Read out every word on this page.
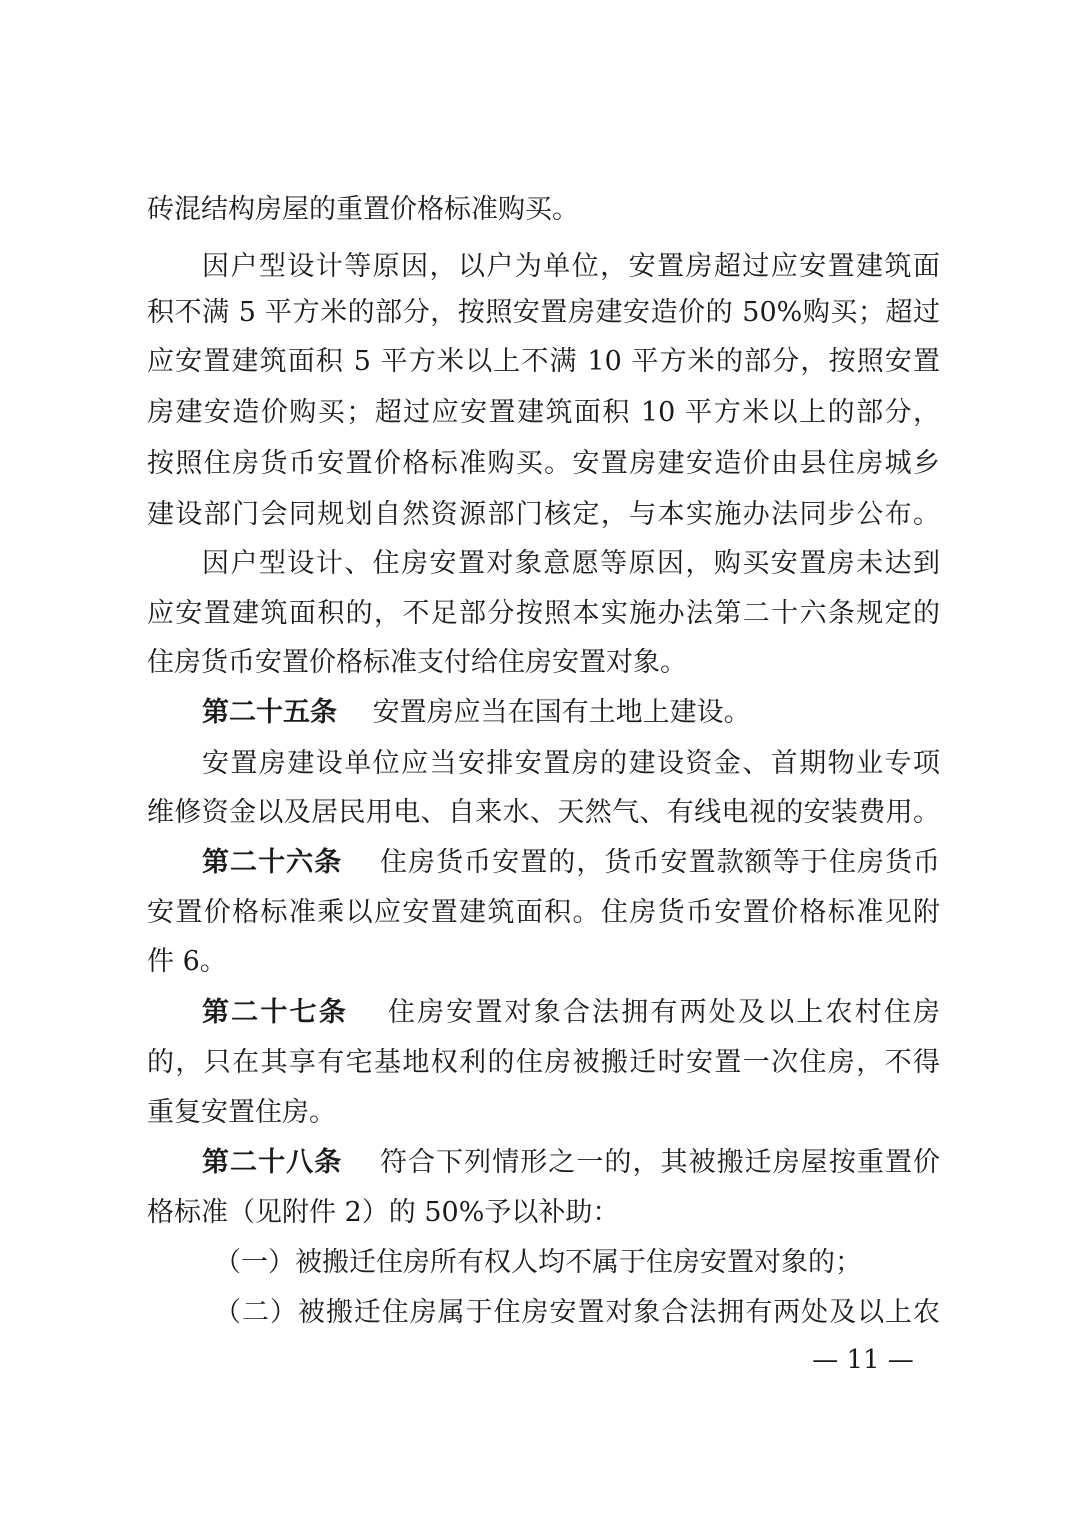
砖混结构房屋的重置价格标准购买。
因户型设计等原因，以户为单位，安置房超过应安置建筑面
积不满 5 平方米的部分，按照安置房建安造价的 50%购买；超过
应安置建筑面积 5 平方米以上不满 10 平方米的部分，按照安置
房建安造价购买；超过应安置建筑面积 10 平方米以上的部分，
按照住房货币安置价格标准购买。安置房建安造价由县住房城乡
建设部门会同规划自然资源部门核定，与本实施办法同步公布。
因户型设计、住房安置对象意愿等原因，购买安置房未达到
应安置建筑面积的，不足部分按照本实施办法第二十六条规定的
住房货币安置价格标准支付给住房安置对象。
第二十五条　 安置房应当在国有土地上建设。
安置房建设单位应当安排安置房的建设资金、首期物业专项
维修资金以及居民用电、自来水、天然气、有线电视的安装费用。
第二十六条　 住房货币安置的，货币安置款额等于住房货币
安置价格标准乘以应安置建筑面积。住房货币安置价格标准见附
件 6。
第二十七条　 住房安置对象合法拥有两处及以上农村住房
的，只在其享有宅基地权利的住房被搬迁时安置一次住房，不得
重复安置住房。
第二十八条　 符合下列情形之一的，其被搬迁房屋按重置价
格标准（见附件 2）的 50%予以补助：
（一）被搬迁住房所有权人均不属于住房安置对象的；
（二）被搬迁住房属于住房安置对象合法拥有两处及以上农
— 11 —
